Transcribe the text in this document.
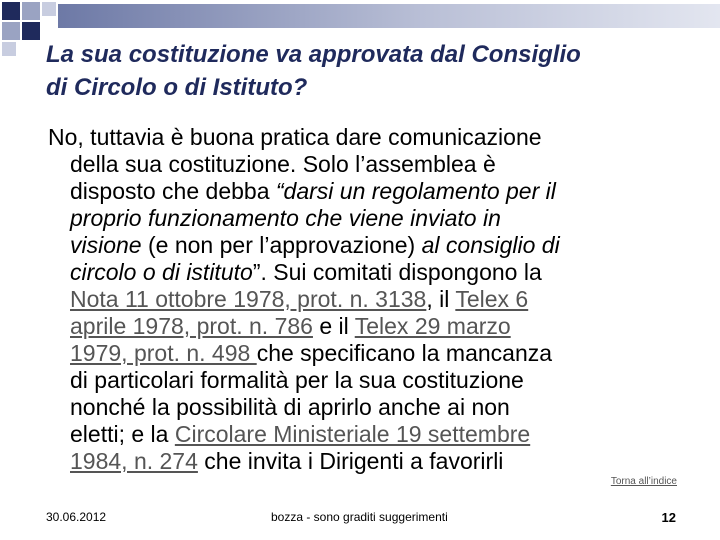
La sua costituzione va approvata dal Consiglio
di Circolo o di Istituto?
No, tuttavia è buona pratica dare comunicazione
della sua costituzione. Solo l’assemblea è
disposto che debba “darsi un regolamento per il
proprio funzionamento che viene inviato in
visione (e non per l’approvazione) al consiglio di
circolo o di istituto”. Sui comitati dispongono la
Nota 11 ottobre 1978, prot. n. 3138, il Telex 6
aprile 1978, prot. n. 786 e il Telex 29 marzo
1979, prot. n. 498 che specificano la mancanza
di particolari formalità per la sua costituzione
nonché la possibilità di aprirlo anche ai non
eletti; e la Circolare Ministeriale 19 settembre
1984, n. 274 che invita i Dirigenti a favorirli
Torna all’indice
30.06.2012	bozza - sono graditi suggerimenti	12
